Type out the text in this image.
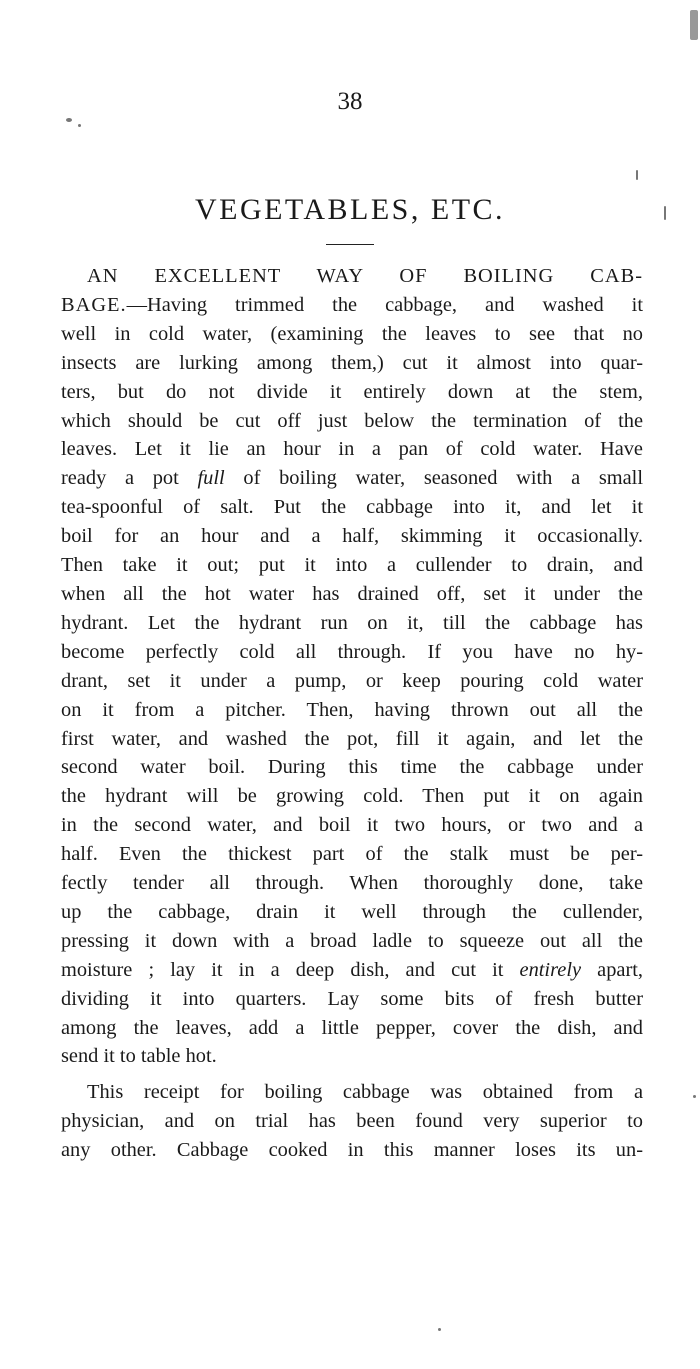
38
VEGETABLES, ETC.
AN EXCELLENT WAY OF BOILING CAB-
BAGE.—Having trimmed the cabbage, and washed it
well in cold water, (examining the leaves to see that no
insects are lurking among them,) cut it almost into quar-
ters, but do not divide it entirely down at the stem,
which should be cut off just below the termination of the
leaves. Let it lie an hour in a pan of cold water. Have
ready a pot full of boiling water, seasoned with a small
tea-spoonful of salt. Put the cabbage into it, and let it
boil for an hour and a half, skimming it occasionally.
Then take it out; put it into a cullender to drain, and
when all the hot water has drained off, set it under the
hydrant. Let the hydrant run on it, till the cabbage has
become perfectly cold all through. If you have no hy-
drant, set it under a pump, or keep pouring cold water
on it from a pitcher. Then, having thrown out all the
first water, and washed the pot, fill it again, and let the
second water boil. During this time the cabbage under
the hydrant will be growing cold. Then put it on again
in the second water, and boil it two hours, or two and a
half. Even the thickest part of the stalk must be per-
fectly tender all through. When thoroughly done, take
up the cabbage, drain it well through the cullender,
pressing it down with a broad ladle to squeeze out all the
moisture ; lay it in a deep dish, and cut it entirely apart,
dividing it into quarters. Lay some bits of fresh butter
among the leaves, add a little pepper, cover the dish, and
send it to table hot.
This receipt for boiling cabbage was obtained from a
physician, and on trial has been found very superior to
any other. Cabbage cooked in this manner loses its un-
